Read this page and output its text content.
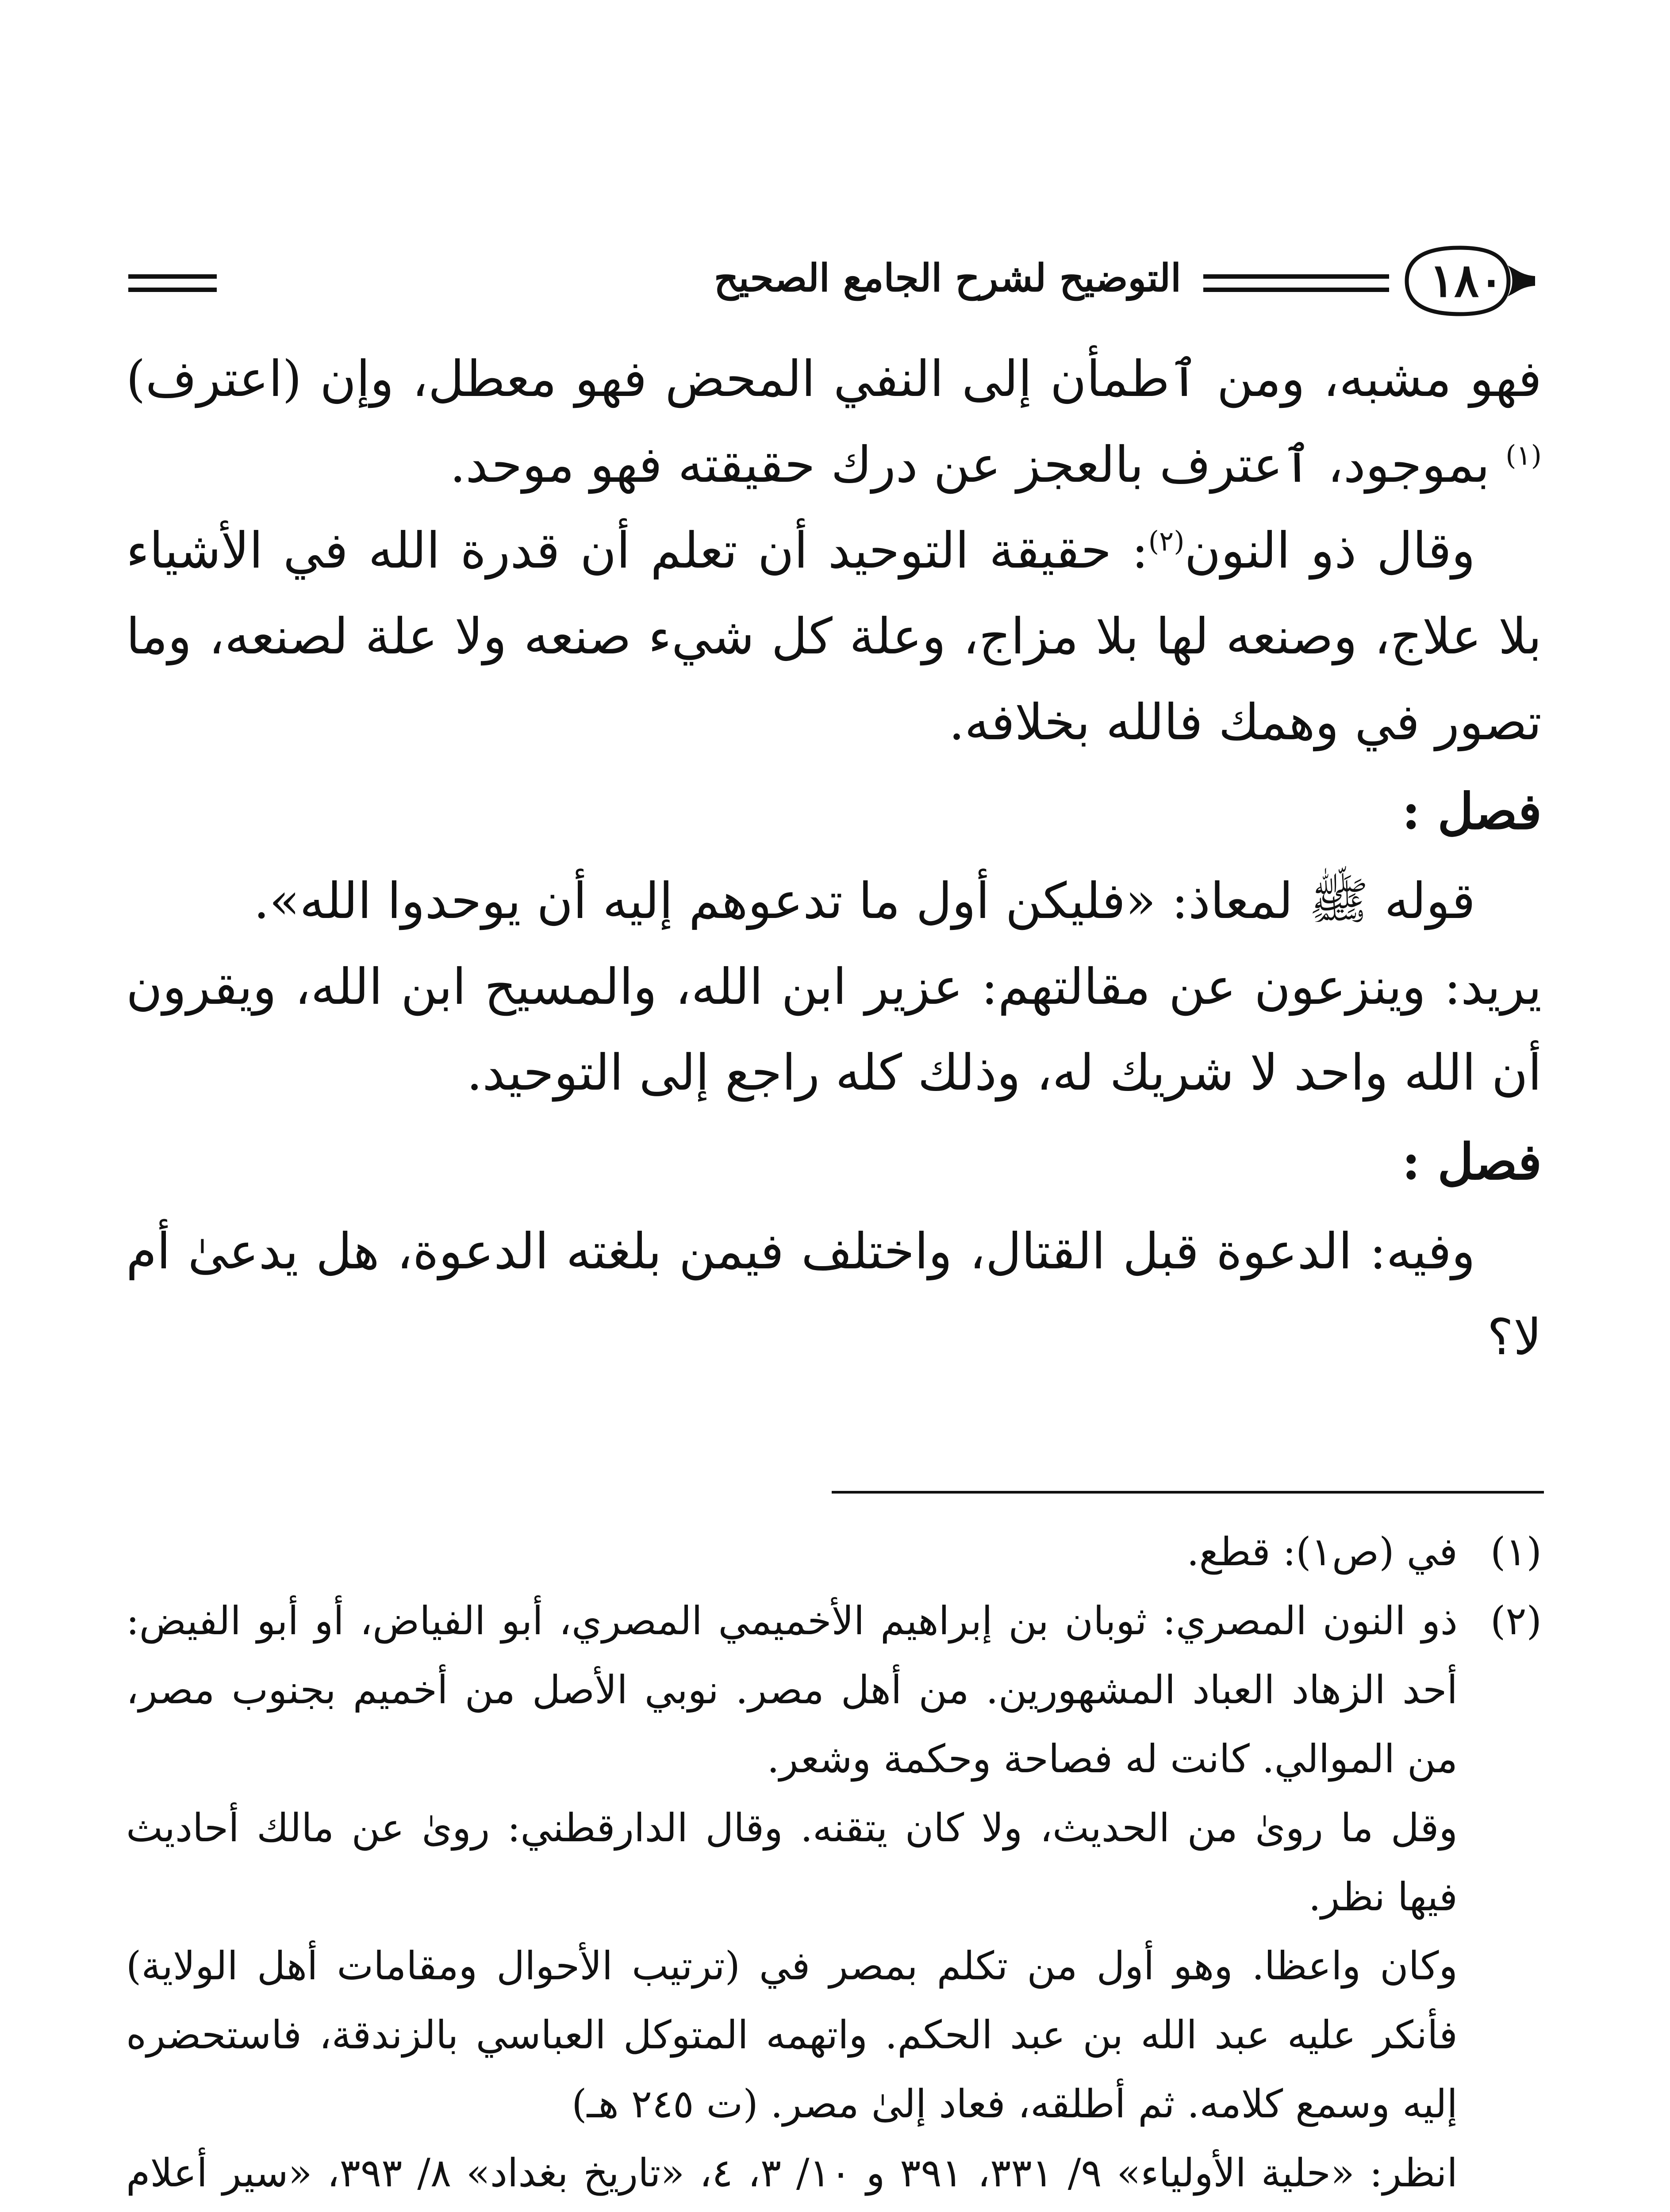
١٨٠
التوضيح لشرح الجامع الصحيح

فهو مشبه، ومن ٱطمأن إلى النفي المحض فهو معطل، وإن (اعترف)$^{(١)}$ بموجود، ٱعترف بالعجز عن درك حقيقته فهو موحد.

وقال ذو النون$^{(٢)}$: حقيقة التوحيد أن تعلم أن قدرة الله في الأشياء بلا علاج، وصنعه لها بلا مزاج، وعلة كل شيء صنعه ولا علة لصنعه، وما تصور في وهمك فالله بخلافه.

فصل :

قوله ﷺ لمعاذ: «فليكن أول ما تدعوهم إليه أن يوحدوا الله».

يريد: وينزعون عن مقالتهم: عزير ابن الله، والمسيح ابن الله، ويقرون أن الله واحد لا شريك له، وذلك كله راجع إلى التوحيد.

فصل :

وفيه: الدعوة قبل القتال، واختلف فيمن بلغته الدعوة، هل يدعىٰ أم لا؟

(١)
في (ص١): قطع.
(٢)
ذو النون المصري: ثوبان بن إبراهيم الأخميمي المصري، أبو الفياض، أو أبو الفيض: أحد الزهاد العباد المشهورين. من أهل مصر. نوبي الأصل من أخميم بجنوب مصر، من الموالي. كانت له فصاحة وحكمة وشعر.
وقل ما روىٰ من الحديث، ولا كان يتقنه. وقال الدارقطني: روىٰ عن مالك أحاديث فيها نظر.
وكان واعظا. وهو أول من تكلم بمصر في (ترتيب الأحوال ومقامات أهل الولاية) فأنكر عليه عبد الله بن عبد الحكم. واتهمه المتوكل العباسي بالزندقة، فاستحضره إليه وسمع كلامه. ثم أطلقه، فعاد إلىٰ مصر. (ت ٢٤٥ هـ)
انظر: «حلية الأولياء» ٩/ ٣٣١، ٣٩١ و ١٠/ ٣، ٤، «تاريخ بغداد» ٨/ ٣٩٣، «سير أعلام
